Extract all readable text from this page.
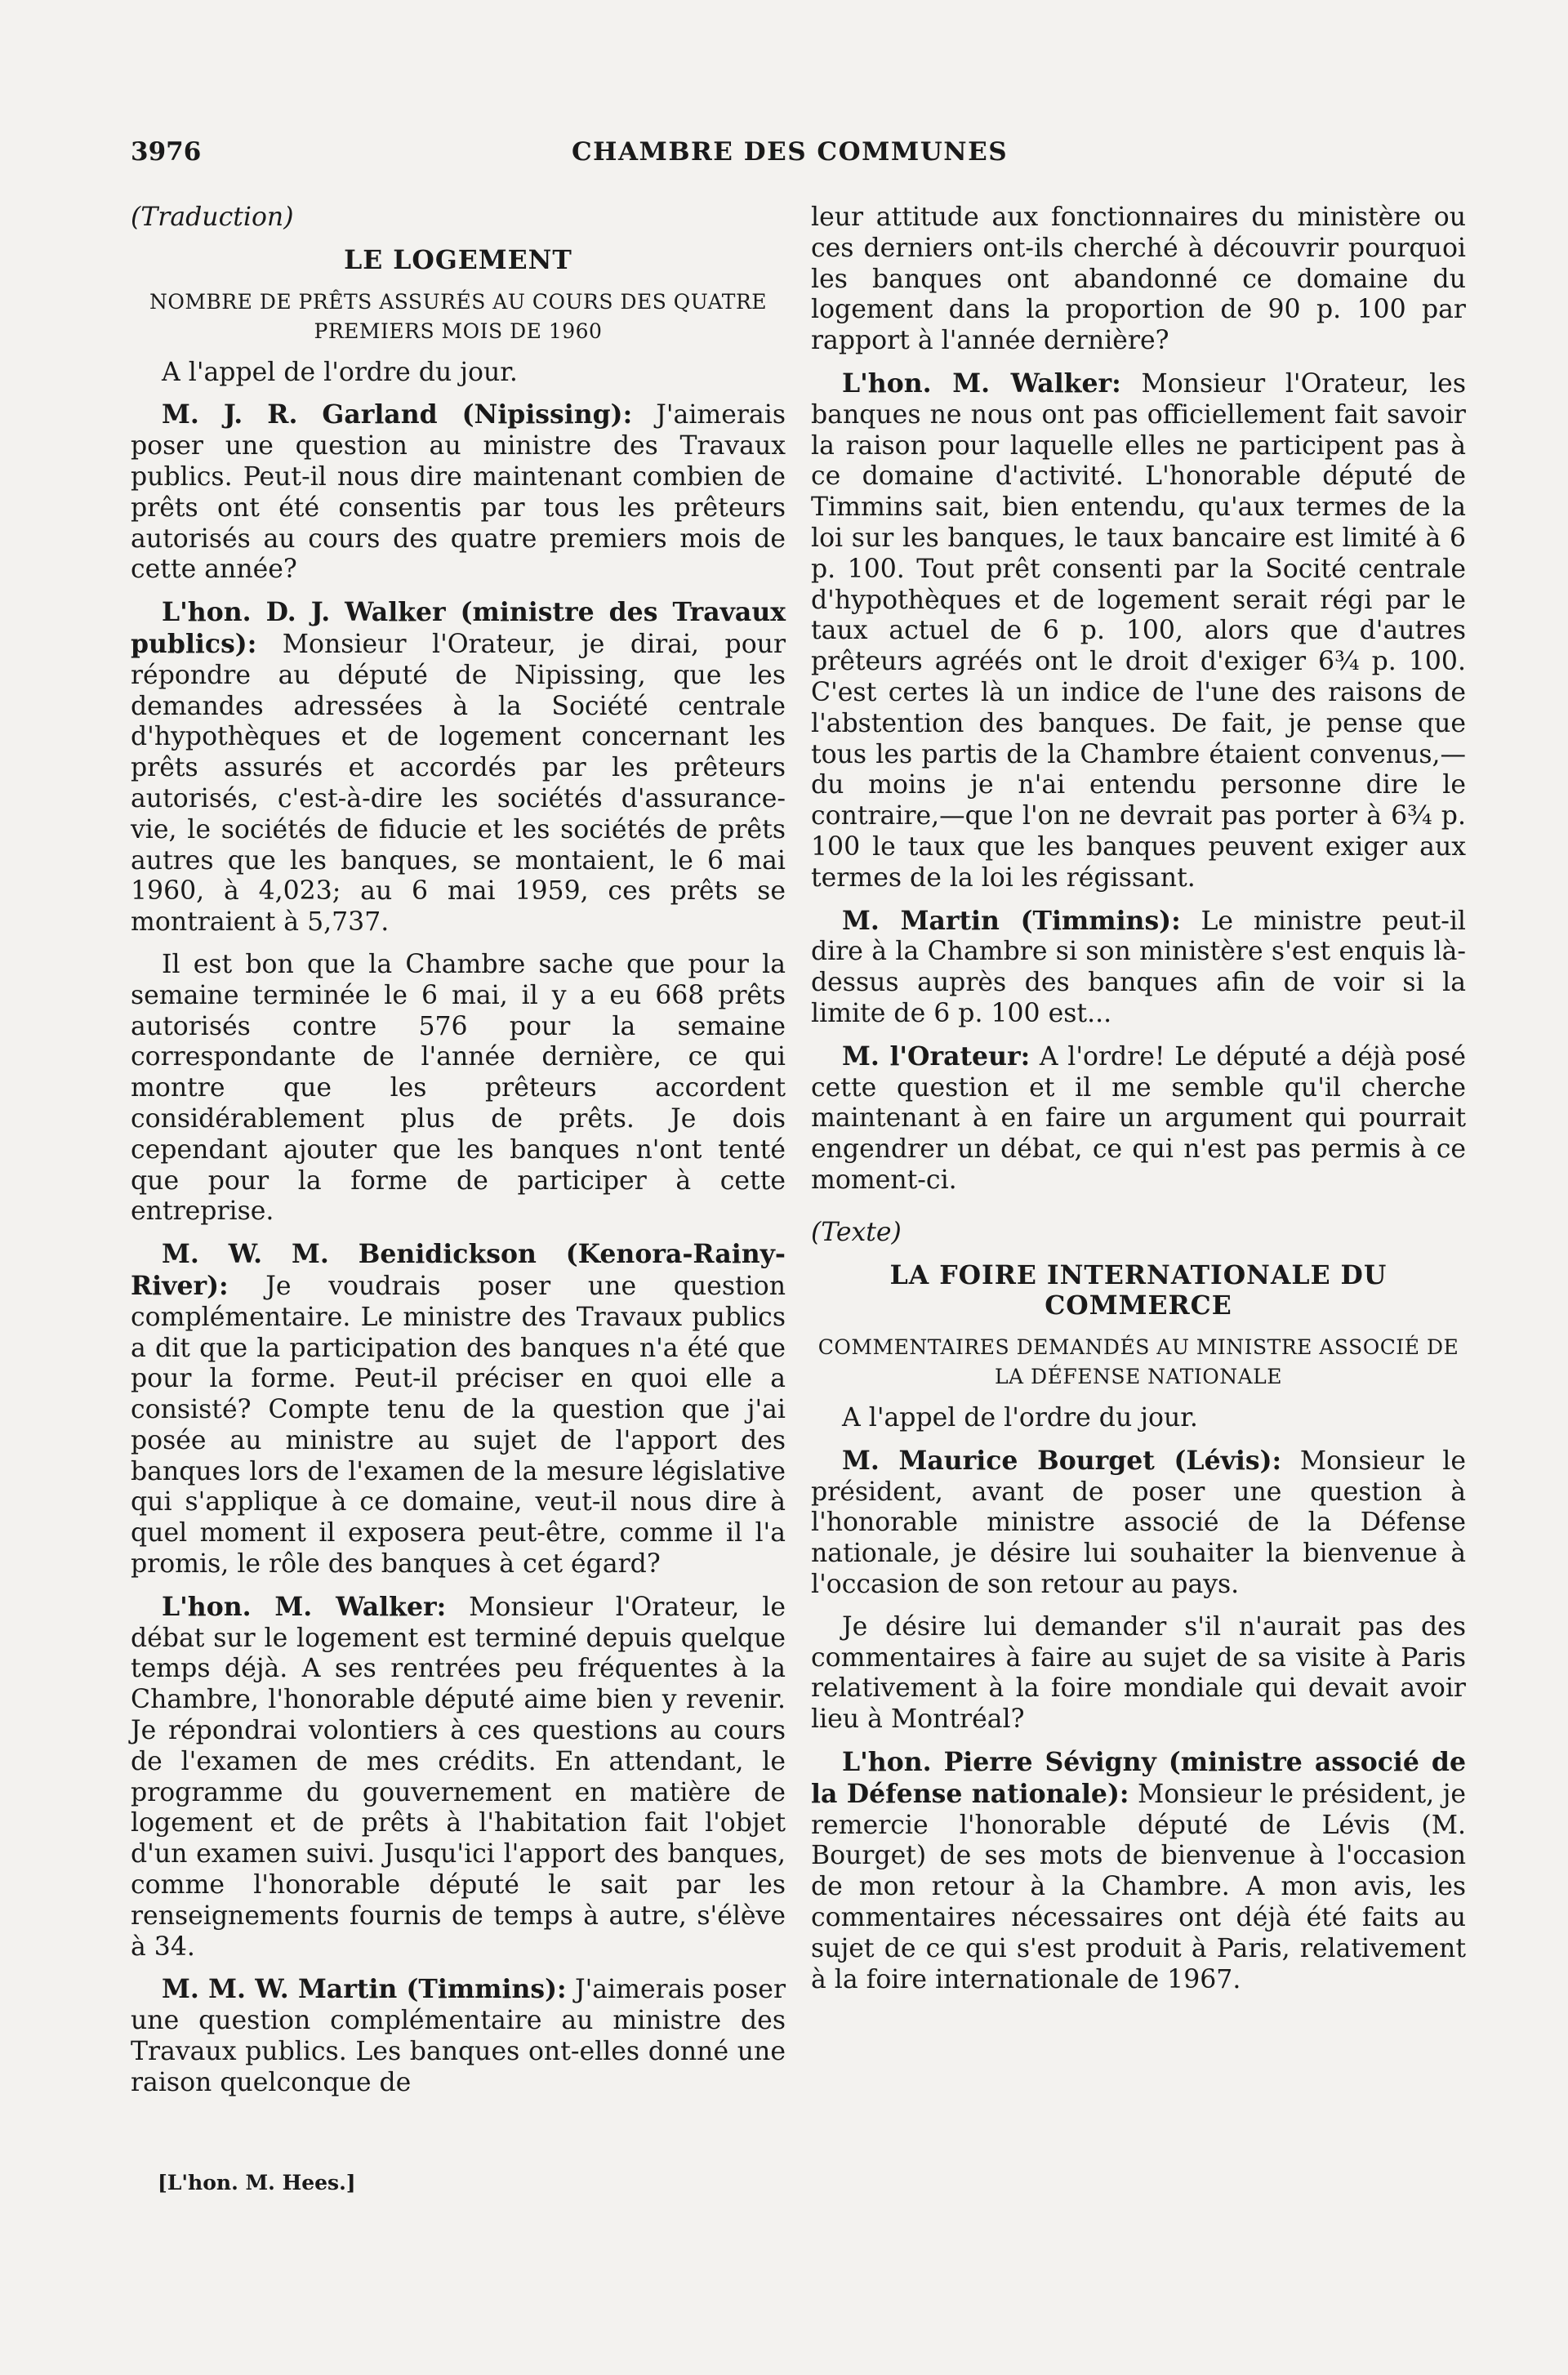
3976	CHAMBRE DES COMMUNES

(Traduction)

LE LOGEMENT

NOMBRE DE PRÊTS ASSURÉS AU COURS DES QUATRE PREMIERS MOIS DE 1960

A l'appel de l'ordre du jour.

M. J. R. Garland (Nipissing): J'aimerais poser une question au ministre des Travaux publics. Peut-il nous dire maintenant combien de prêts ont été consentis par tous les prêteurs autorisés au cours des quatre premiers mois de cette année?

L'hon. D. J. Walker (ministre des Travaux publics): Monsieur l'Orateur, je dirai, pour répondre au député de Nipissing, que les demandes adressées à la Société centrale d'hypothèques et de logement concernant les prêts assurés et accordés par les prêteurs autorisés, c'est-à-dire les sociétés d'assurance-vie, le sociétés de fiducie et les sociétés de prêts autres que les banques, se montaient, le 6 mai 1960, à 4,023; au 6 mai 1959, ces prêts se montraient à 5,737.

Il est bon que la Chambre sache que pour la semaine terminée le 6 mai, il y a eu 668 prêts autorisés contre 576 pour la semaine correspondante de l'année dernière, ce qui montre que les prêteurs accordent considérablement plus de prêts. Je dois cependant ajouter que les banques n'ont tenté que pour la forme de participer à cette entreprise.

M. W. M. Benidickson (Kenora-Rainy-River): Je voudrais poser une question complémentaire. Le ministre des Travaux publics a dit que la participation des banques n'a été que pour la forme. Peut-il préciser en quoi elle a consisté? Compte tenu de la question que j'ai posée au ministre au sujet de l'apport des banques lors de l'examen de la mesure législative qui s'applique à ce domaine, veut-il nous dire à quel moment il exposera peut-être, comme il l'a promis, le rôle des banques à cet égard?

L'hon. M. Walker: Monsieur l'Orateur, le débat sur le logement est terminé depuis quelque temps déjà. A ses rentrées peu fréquentes à la Chambre, l'honorable député aime bien y revenir. Je répondrai volontiers à ces questions au cours de l'examen de mes crédits. En attendant, le programme du gouvernement en matière de logement et de prêts à l'habitation fait l'objet d'un examen suivi. Jusqu'ici l'apport des banques, comme l'honorable député le sait par les renseignements fournis de temps à autre, s'élève à 34.

M. M. W. Martin (Timmins): J'aimerais poser une question complémentaire au ministre des Travaux publics. Les banques ont-elles donné une raison quelconque de

leur attitude aux fonctionnaires du ministère ou ces derniers ont-ils cherché à découvrir pourquoi les banques ont abandonné ce domaine du logement dans la proportion de 90 p. 100 par rapport à l'année dernière?

L'hon. M. Walker: Monsieur l'Orateur, les banques ne nous ont pas officiellement fait savoir la raison pour laquelle elles ne participent pas à ce domaine d'activité. L'honorable député de Timmins sait, bien entendu, qu'aux termes de la loi sur les banques, le taux bancaire est limité à 6 p. 100. Tout prêt consenti par la Socité centrale d'hypothèques et de logement serait régi par le taux actuel de 6 p. 100, alors que d'autres prêteurs agréés ont le droit d'exiger 6¾ p. 100. C'est certes là un indice de l'une des raisons de l'abstention des banques. De fait, je pense que tous les partis de la Chambre étaient convenus,—du moins je n'ai entendu personne dire le contraire,—que l'on ne devrait pas porter à 6¾ p. 100 le taux que les banques peuvent exiger aux termes de la loi les régissant.

M. Martin (Timmins): Le ministre peut-il dire à la Chambre si son ministère s'est enquis là-dessus auprès des banques afin de voir si la limite de 6 p. 100 est...

M. l'Orateur: A l'ordre! Le député a déjà posé cette question et il me semble qu'il cherche maintenant à en faire un argument qui pourrait engendrer un débat, ce qui n'est pas permis à ce moment-ci.

(Texte)

LA FOIRE INTERNATIONALE DU COMMERCE

COMMENTAIRES DEMANDÉS AU MINISTRE ASSOCIÉ DE LA DÉFENSE NATIONALE

A l'appel de l'ordre du jour.

M. Maurice Bourget (Lévis): Monsieur le président, avant de poser une question à l'honorable ministre associé de la Défense nationale, je désire lui souhaiter la bienvenue à l'occasion de son retour au pays.

Je désire lui demander s'il n'aurait pas des commentaires à faire au sujet de sa visite à Paris relativement à la foire mondiale qui devait avoir lieu à Montréal?

L'hon. Pierre Sévigny (ministre associé de la Défense nationale): Monsieur le président, je remercie l'honorable député de Lévis (M. Bourget) de ses mots de bienvenue à l'occasion de mon retour à la Chambre. A mon avis, les commentaires nécessaires ont déjà été faits au sujet de ce qui s'est produit à Paris, relativement à la foire internationale de 1967.

[L'hon. M. Hees.]
